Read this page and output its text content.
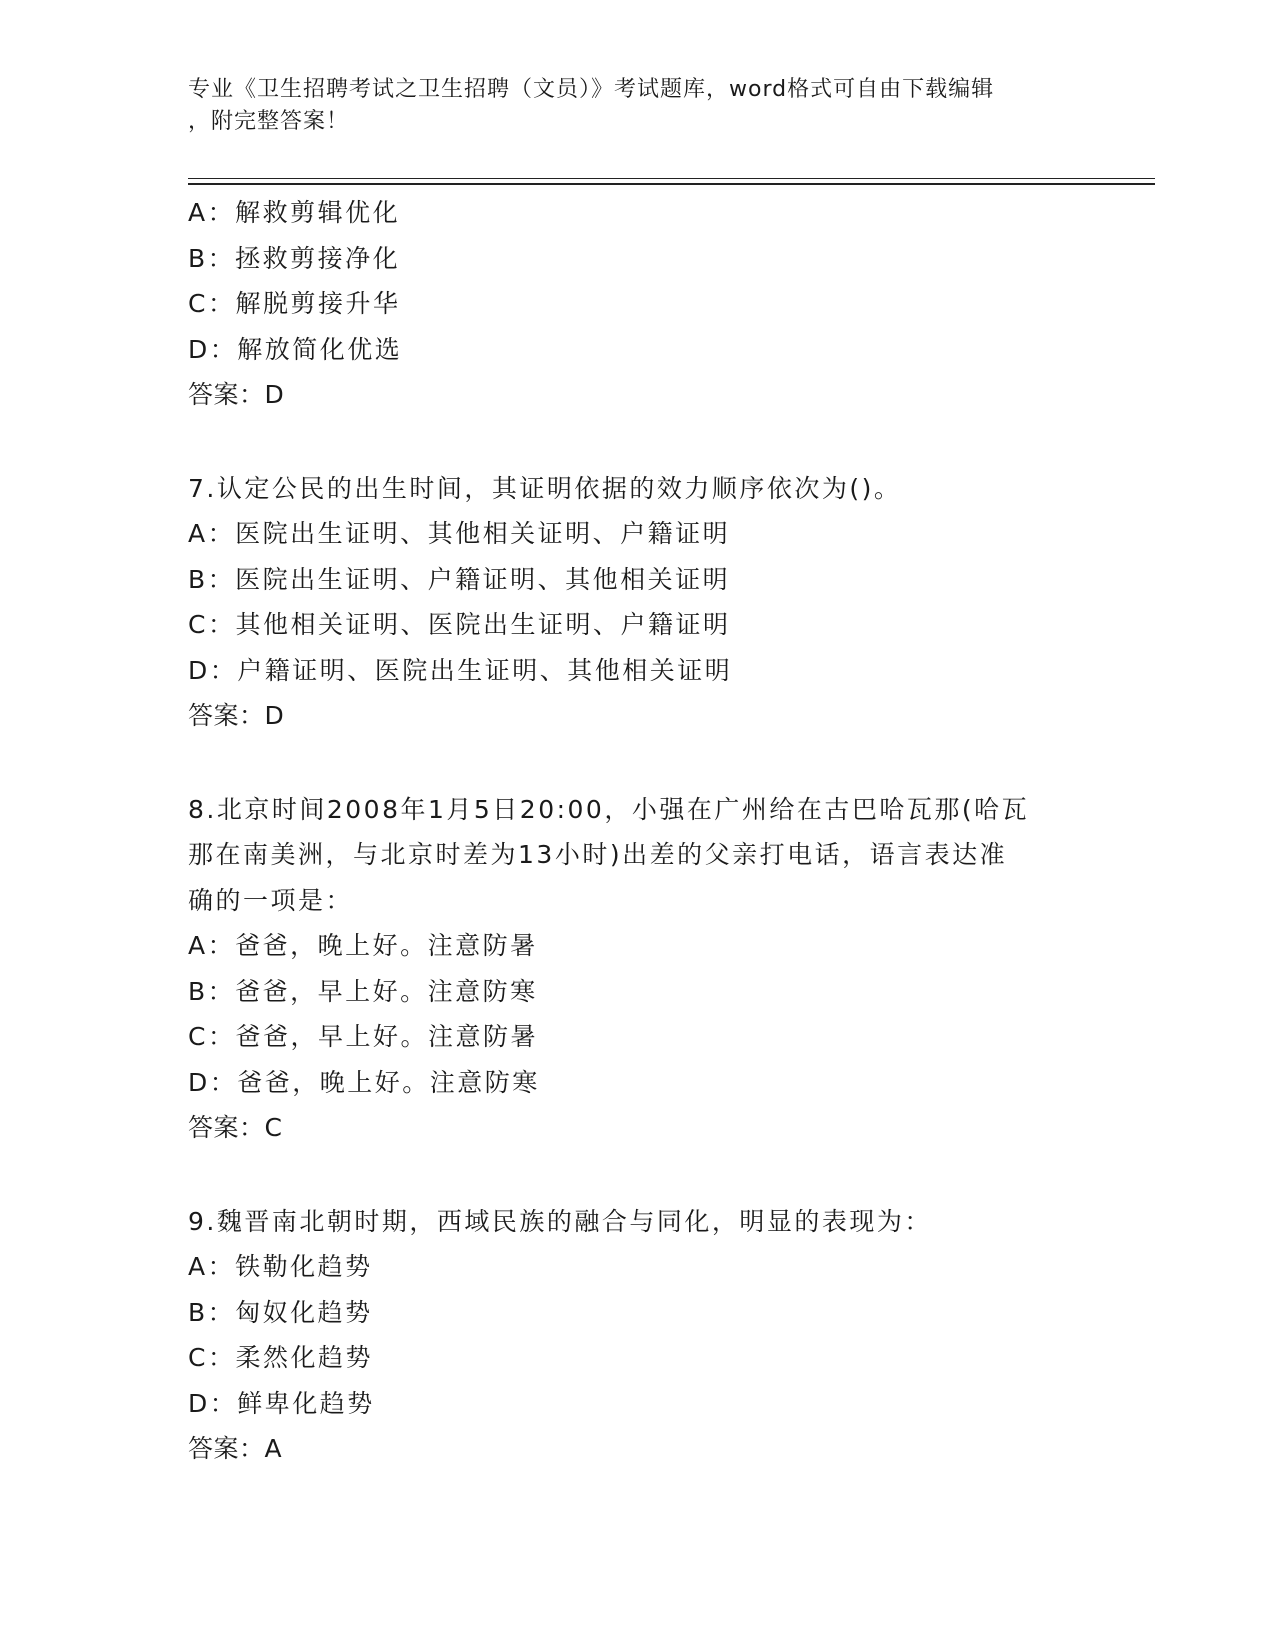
专业《卫生招聘考试之卫生招聘（文员）》考试题库，word格式可自由下载编辑
，附完整答案！
A：解救剪辑优化
B：拯救剪接净化
C：解脱剪接升华
D：解放简化优选
答案：D
7.认定公民的出生时间，其证明依据的效力顺序依次为()。
A：医院出生证明、其他相关证明、户籍证明
B：医院出生证明、户籍证明、其他相关证明
C：其他相关证明、医院出生证明、户籍证明
D：户籍证明、医院出生证明、其他相关证明
答案：D
8.北京时间2008年1月5日20:00，小强在广州给在古巴哈瓦那(哈瓦
那在南美洲，与北京时差为13小时)出差的父亲打电话，语言表达准
确的一项是：
A：爸爸，晚上好。注意防暑
B：爸爸，早上好。注意防寒
C：爸爸，早上好。注意防暑
D：爸爸，晚上好。注意防寒
答案：C
9.魏晋南北朝时期，西域民族的融合与同化，明显的表现为：
A：铁勒化趋势
B：匈奴化趋势
C：柔然化趋势
D：鲜卑化趋势
答案：A
